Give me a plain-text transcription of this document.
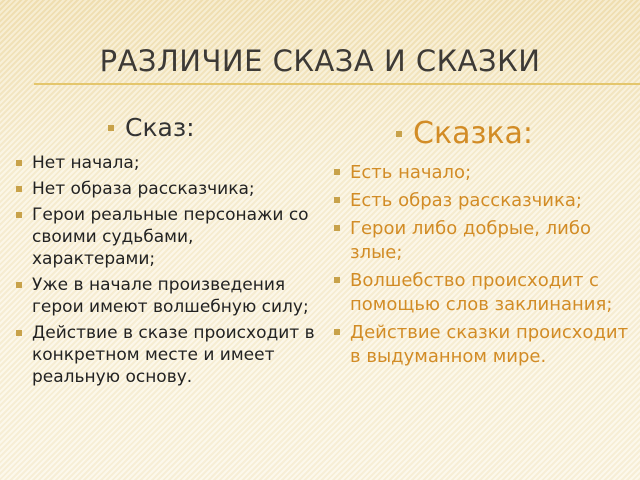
РАЗЛИЧИЕ СКАЗА И СКАЗКИ
Сказ:
Нет начала;
Нет образа рассказчика;
Герои реальные персонажи со своими судьбами, характерами;
Уже в начале произведения герои имеют волшебную силу;
Действие в сказе происходит в конкретном месте и имеет реальную основу.
Сказка:
Есть начало;
Есть образ рассказчика;
Герои либо добрые, либо злые;
Волшебство происходит с помощью слов заклинания;
Действие сказки происходит в выдуманном мире.
